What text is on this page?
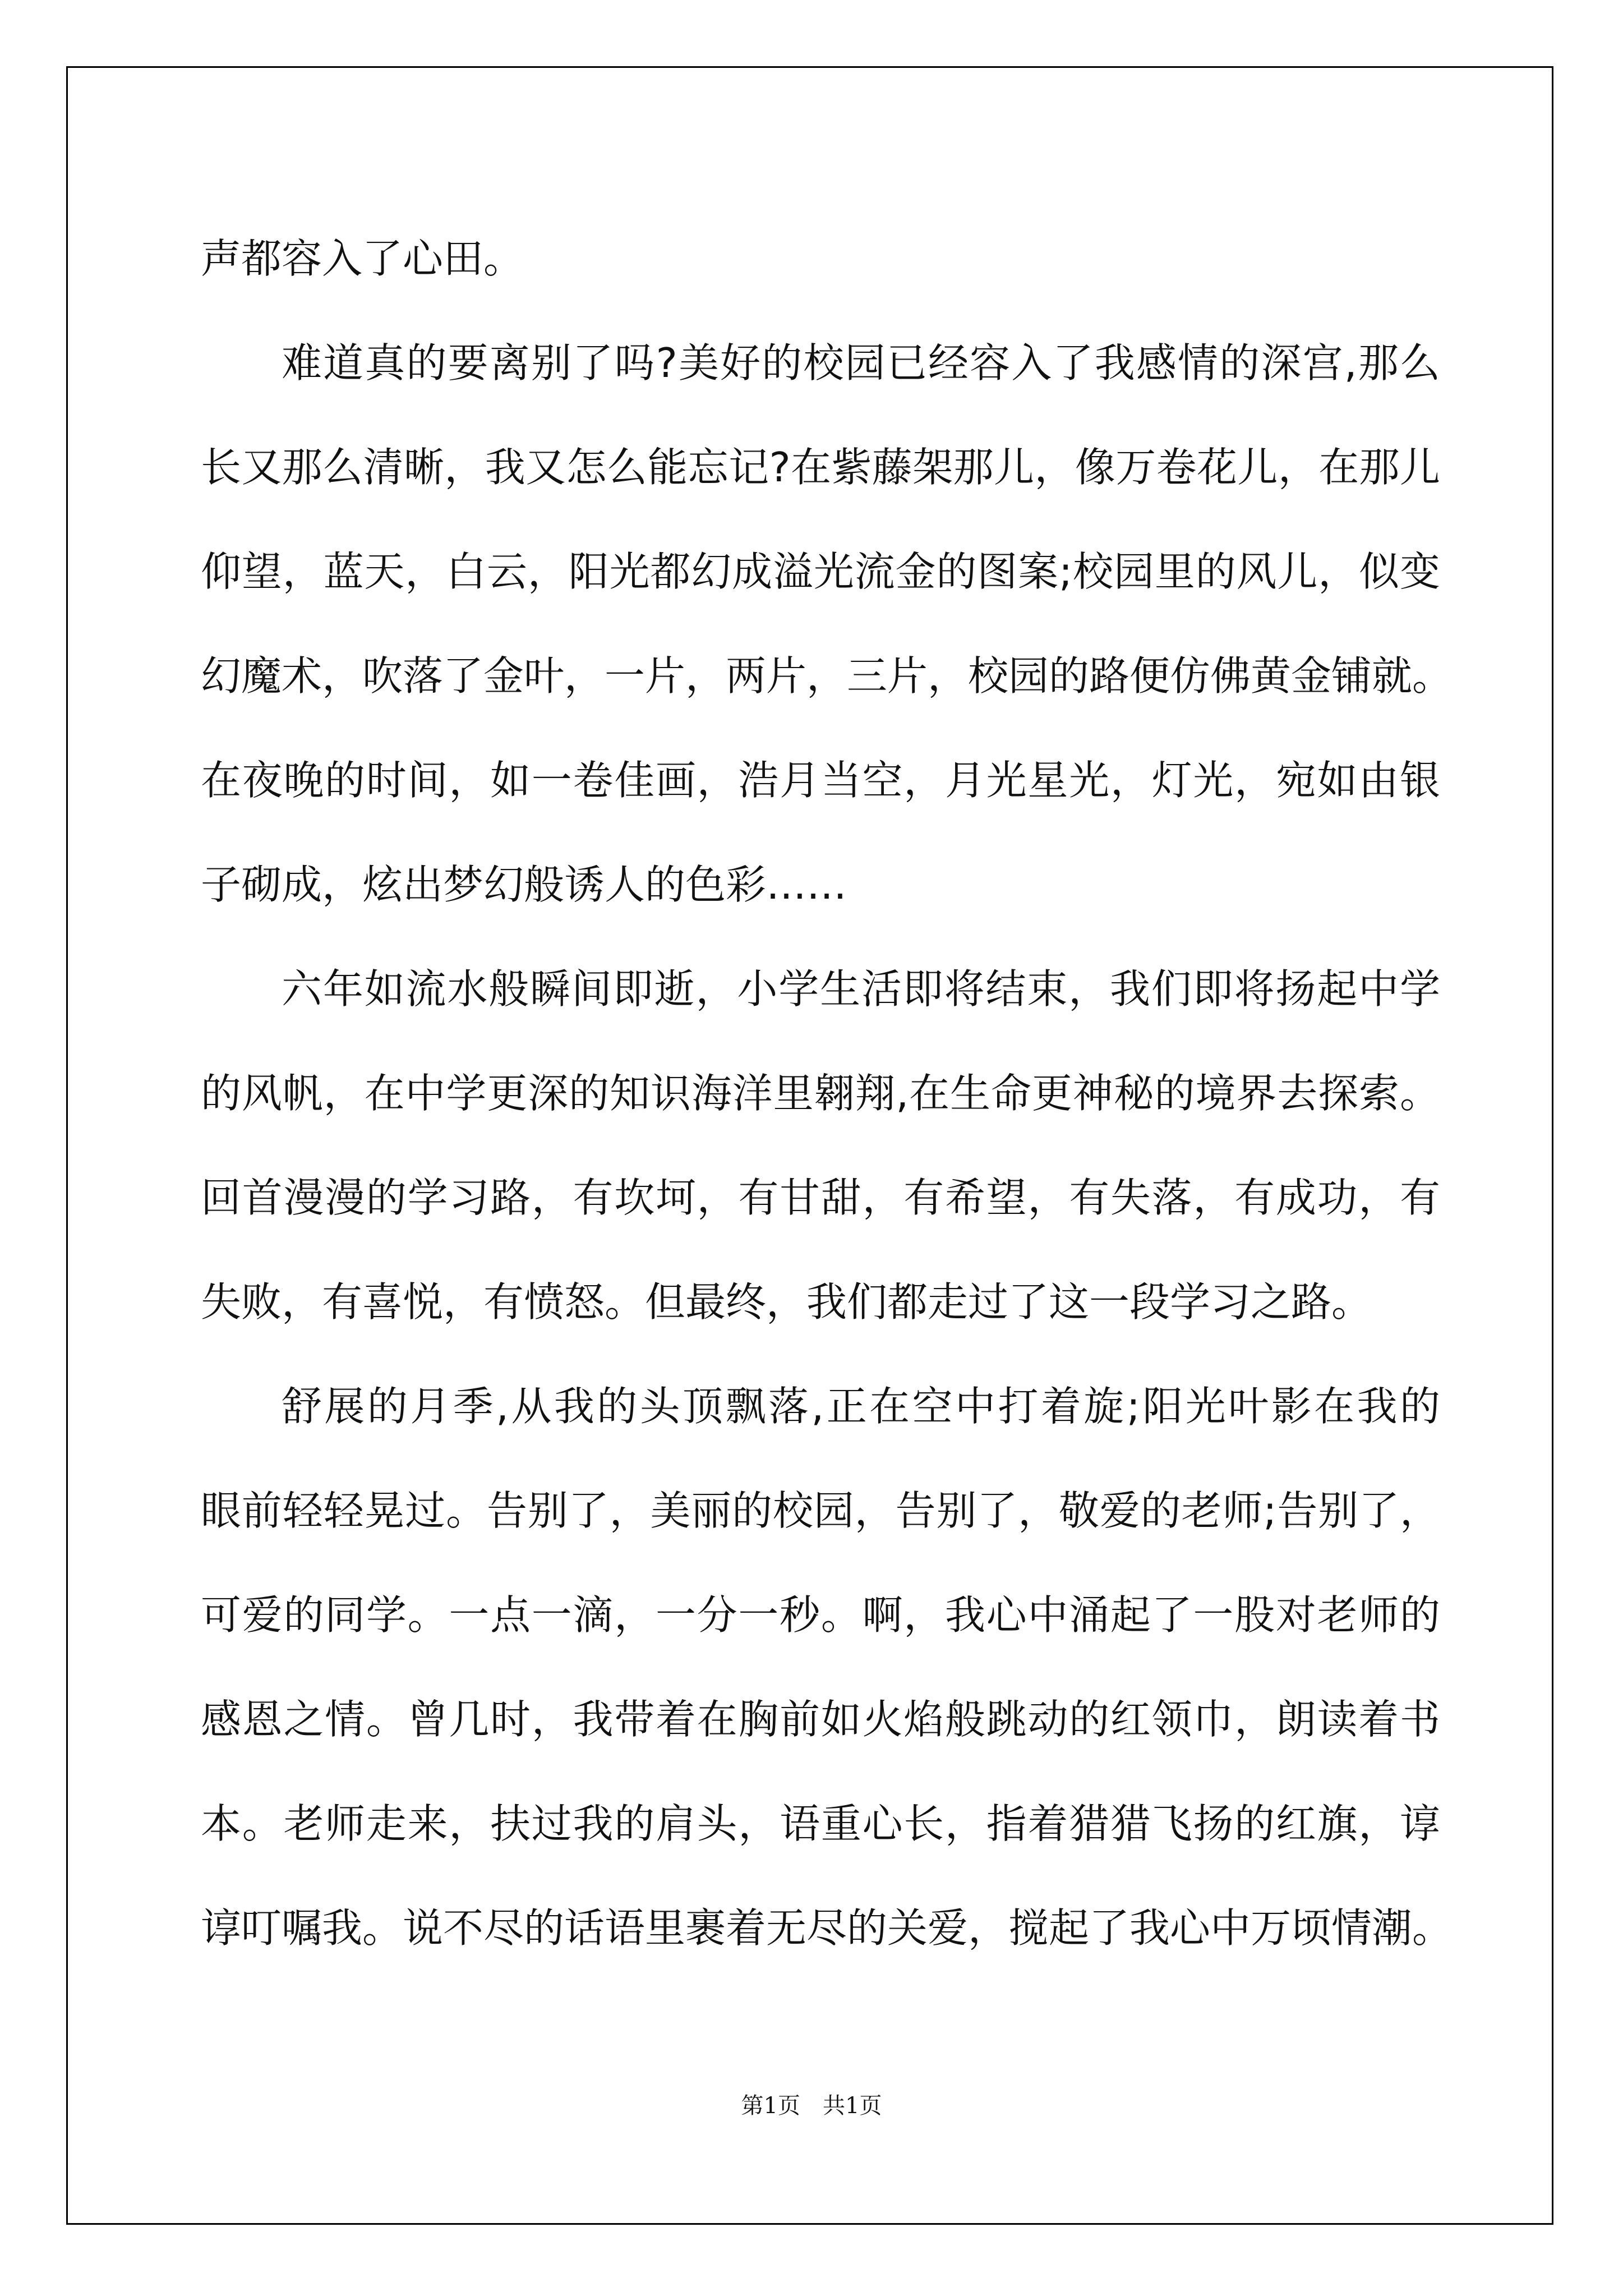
声都容入了心田。
难道真的要离别了吗?美好的校园已经容入了我感情的深宫,那么
长又那么清晰，我又怎么能忘记?在紫藤架那儿，像万卷花儿，在那儿
仰望，蓝天，白云，阳光都幻成溢光流金的图案;校园里的风儿，似变
幻魔术，吹落了金叶，一片，两片，三片，校园的路便仿佛黄金铺就。
在夜晚的时间，如一卷佳画，浩月当空，月光星光，灯光，宛如由银
子砌成，炫出梦幻般诱人的色彩……
六年如流水般瞬间即逝，小学生活即将结束，我们即将扬起中学
的风帆，在中学更深的知识海洋里翱翔,在生命更神秘的境界去探索。
回首漫漫的学习路，有坎坷，有甘甜，有希望，有失落，有成功，有
失败，有喜悦，有愤怒。但最终，我们都走过了这一段学习之路。
舒展的月季,从我的头顶飘落,正在空中打着旋;阳光叶影在我的
眼前轻轻晃过。告别了，美丽的校园，告别了，敬爱的老师;告别了，
可爱的同学。一点一滴，一分一秒。啊，我心中涌起了一股对老师的
感恩之情。曾几时，我带着在胸前如火焰般跳动的红领巾，朗读着书
本。老师走来，扶过我的肩头，语重心长，指着猎猎飞扬的红旗，谆
谆叮嘱我。说不尽的话语里裹着无尽的关爱，搅起了我心中万顷情潮。
第1页　共1页
